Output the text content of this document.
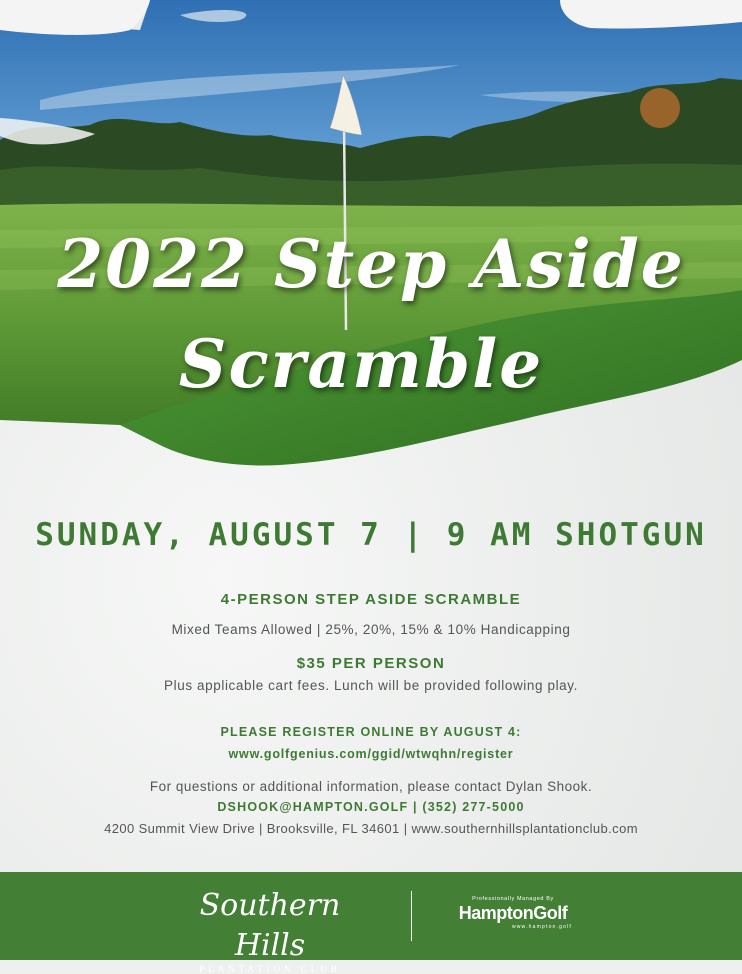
2022 Step Aside
Scramble
SUNDAY, AUGUST 7 | 9 AM SHOTGUN
4-PERSON STEP ASIDE SCRAMBLE
Mixed Teams Allowed | 25%, 20%, 15% & 10% Handicapping
$35 PER PERSON
Plus applicable cart fees. Lunch will be provided following play.
PLEASE REGISTER ONLINE BY AUGUST 4:
www.golfgenius.com/ggid/wtwqhn/register
For questions or additional information, please contact Dylan Shook.
DSHOOK@HAMPTON.GOLF | (352) 277-5000
4200 Summit View Drive | Brooksville, FL 34601 | www.southernhillsplantationclub.com
Southern Hills
PLANTATION CLUB
Professionally Managed By
HamptonGolf
www.hampton.golf
